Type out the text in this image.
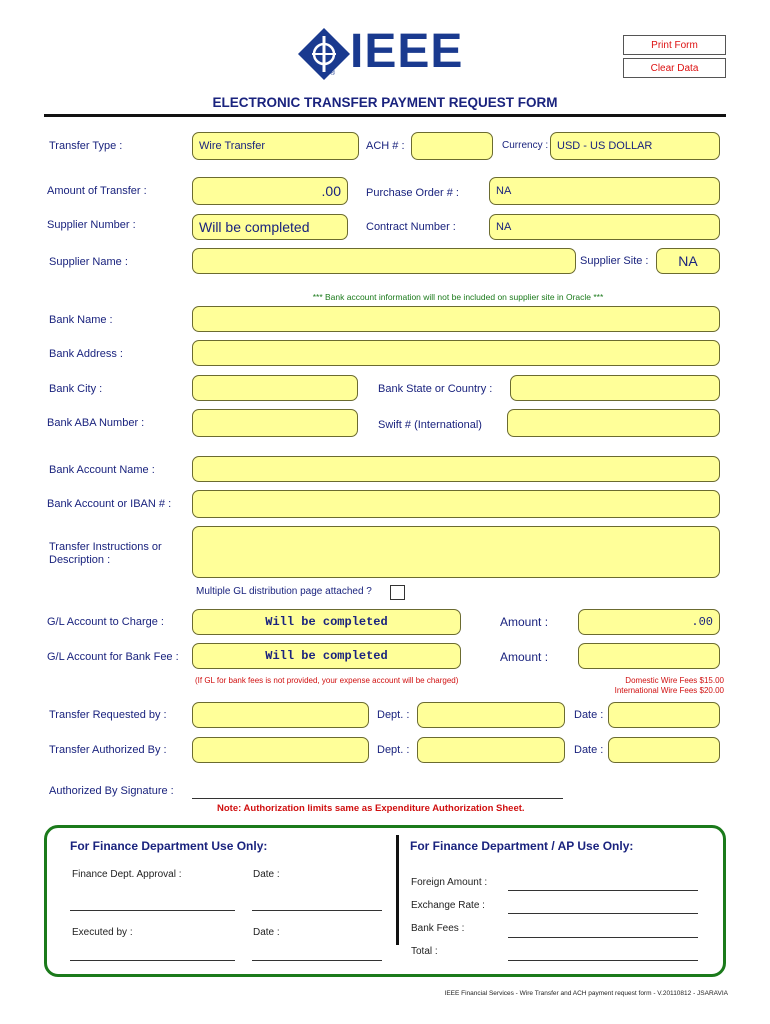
IEEE
®
Print Form
Clear Data
ELECTRONIC TRANSFER PAYMENT REQUEST FORM
Transfer Type :	Wire Transfer	ACH # :	Currency : USD - US DOLLAR
Amount of Transfer :	.00	Purchase Order # :	NA
Supplier Number :	Will be completed	Contract Number :	NA
Supplier Name :	Supplier Site :	NA
*** Bank account information will not be included on supplier site in Oracle ***
Bank Name :
Bank Address :
Bank City :	Bank State or Country :
Bank ABA Number :	Swift # (International)
Bank Account Name :
Bank Account or IBAN # :
Transfer Instructions or
Description :
Multiple GL distribution page attached ?
G/L Account to Charge :	Will be completed	Amount :	.00
G/L Account for Bank Fee :	Will be completed	Amount :
(If GL for bank fees is not provided, your expense account will be charged)	Domestic Wire Fees $15.00
International Wire Fees $20.00
Transfer Requested by :	Dept. :	Date :
Transfer Authorized By :	Dept. :	Date :
Authorized By Signature :
Note: Authorization limits same as Expenditure Authorization Sheet.
For Finance Department Use Only:
Finance Dept. Approval :	Date :
Executed by :	Date :
For Finance Department / AP Use Only:
Foreign Amount :
Exchange Rate :
Bank Fees :
Total :
IEEE Financial Services - Wire Transfer and ACH payment request form - V.20110812 - JSARAVIA
